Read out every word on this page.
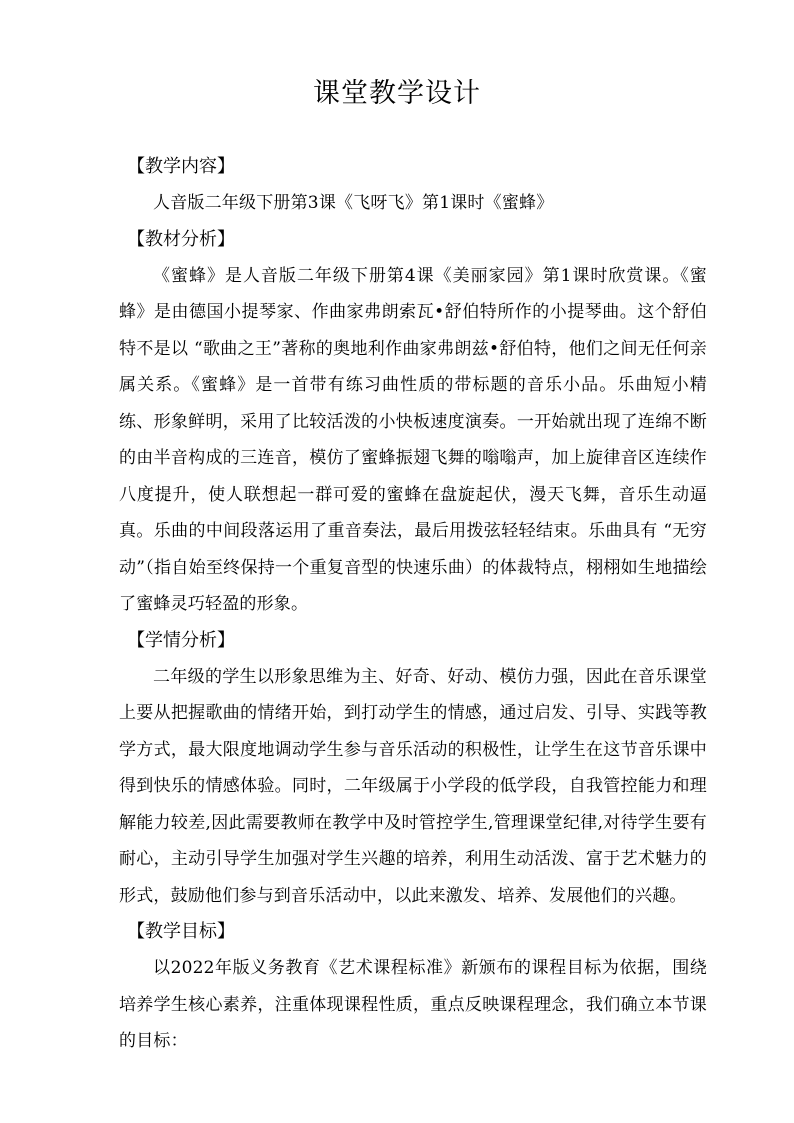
课堂教学设计
【教学内容】

人音版二年级下册第3课《飞呀飞》第1课时《蜜蜂》

【教材分析】

《蜜蜂》是人音版二年级下册第4课《美丽家园》第1课时欣赏课。《蜜蜂》是由德国小提琴家、作曲家弗朗索瓦•舒伯特所作的小提琴曲。这个舒伯特不是以 “歌曲之王”著称的奥地利作曲家弗朗兹•舒伯特，他们之间无任何亲属关系。《蜜蜂》是一首带有练习曲性质的带标题的音乐小品。乐曲短小精练、形象鲜明，采用了比较活泼的小快板速度演奏。一开始就出现了连绵不断的由半音构成的三连音，模仿了蜜蜂振翅飞舞的嗡嗡声，加上旋律音区连续作八度提升，使人联想起一群可爱的蜜蜂在盘旋起伏，漫天飞舞，音乐生动逼真。乐曲的中间段落运用了重音奏法，最后用拨弦轻轻结束。乐曲具有 “无穷动”（指自始至终保持一个重复音型的快速乐曲）的体裁特点，栩栩如生地描绘了蜜蜂灵巧轻盈的形象。

【学情分析】

二年级的学生以形象思维为主、好奇、好动、模仿力强，因此在音乐课堂上要从把握歌曲的情绪开始，到打动学生的情感，通过启发、引导、实践等教学方式，最大限度地调动学生参与音乐活动的积极性，让学生在这节音乐课中得到快乐的情感体验。同时，二年级属于小学段的低学段，自我管控能力和理解能力较差,因此需要教师在教学中及时管控学生,管理课堂纪律,对待学生要有耐心，主动引导学生加强对学生兴趣的培养，利用生动活泼、富于艺术魅力的形式，鼓励他们参与到音乐活动中，以此来激发、培养、发展他们的兴趣。

【教学目标】

以2022年版义务教育《艺术课程标准》新颁布的课程目标为依据，围绕培养学生核心素养，注重体现课程性质，重点反映课程理念，我们确立本节课的目标：
